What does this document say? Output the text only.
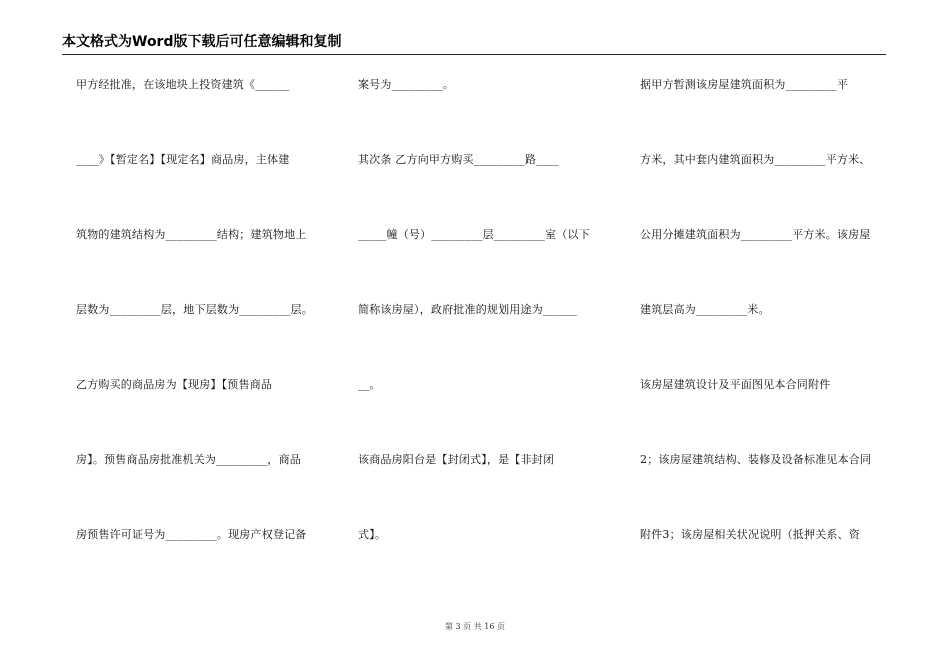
本文格式为Word版下载后可任意编辑和复制
甲方经批准，在该地块上投资建筑《______
____》【暂定名】【现定名】商品房，主体建
筑物的建筑结构为_________结构；建筑物地上
层数为_________层，地下层数为_________层。
乙方购买的商品房为【现房】【预售商品
房】。预售商品房批准机关为_________，商品
房预售许可证号为_________。现房产权登记备
案号为_________。
其次条 乙方向甲方购买_________路____
_____幢（号）_________层_________室（以下
简称该房屋），政府批准的规划用途为______
__。
该商品房阳台是【封闭式】，是【非封闭
式】。
据甲方暂测该房屋建筑面积为_________平
方米，其中套内建筑面积为_________平方米、
公用分摊建筑面积为_________平方米。该房屋
建筑层高为_________米。
该房屋建筑设计及平面图见本合同附件
2；该房屋建筑结构、装修及设备标准见本合同
附件3；该房屋相关状况说明（抵押关系、资
第 3 页 共 16 页
